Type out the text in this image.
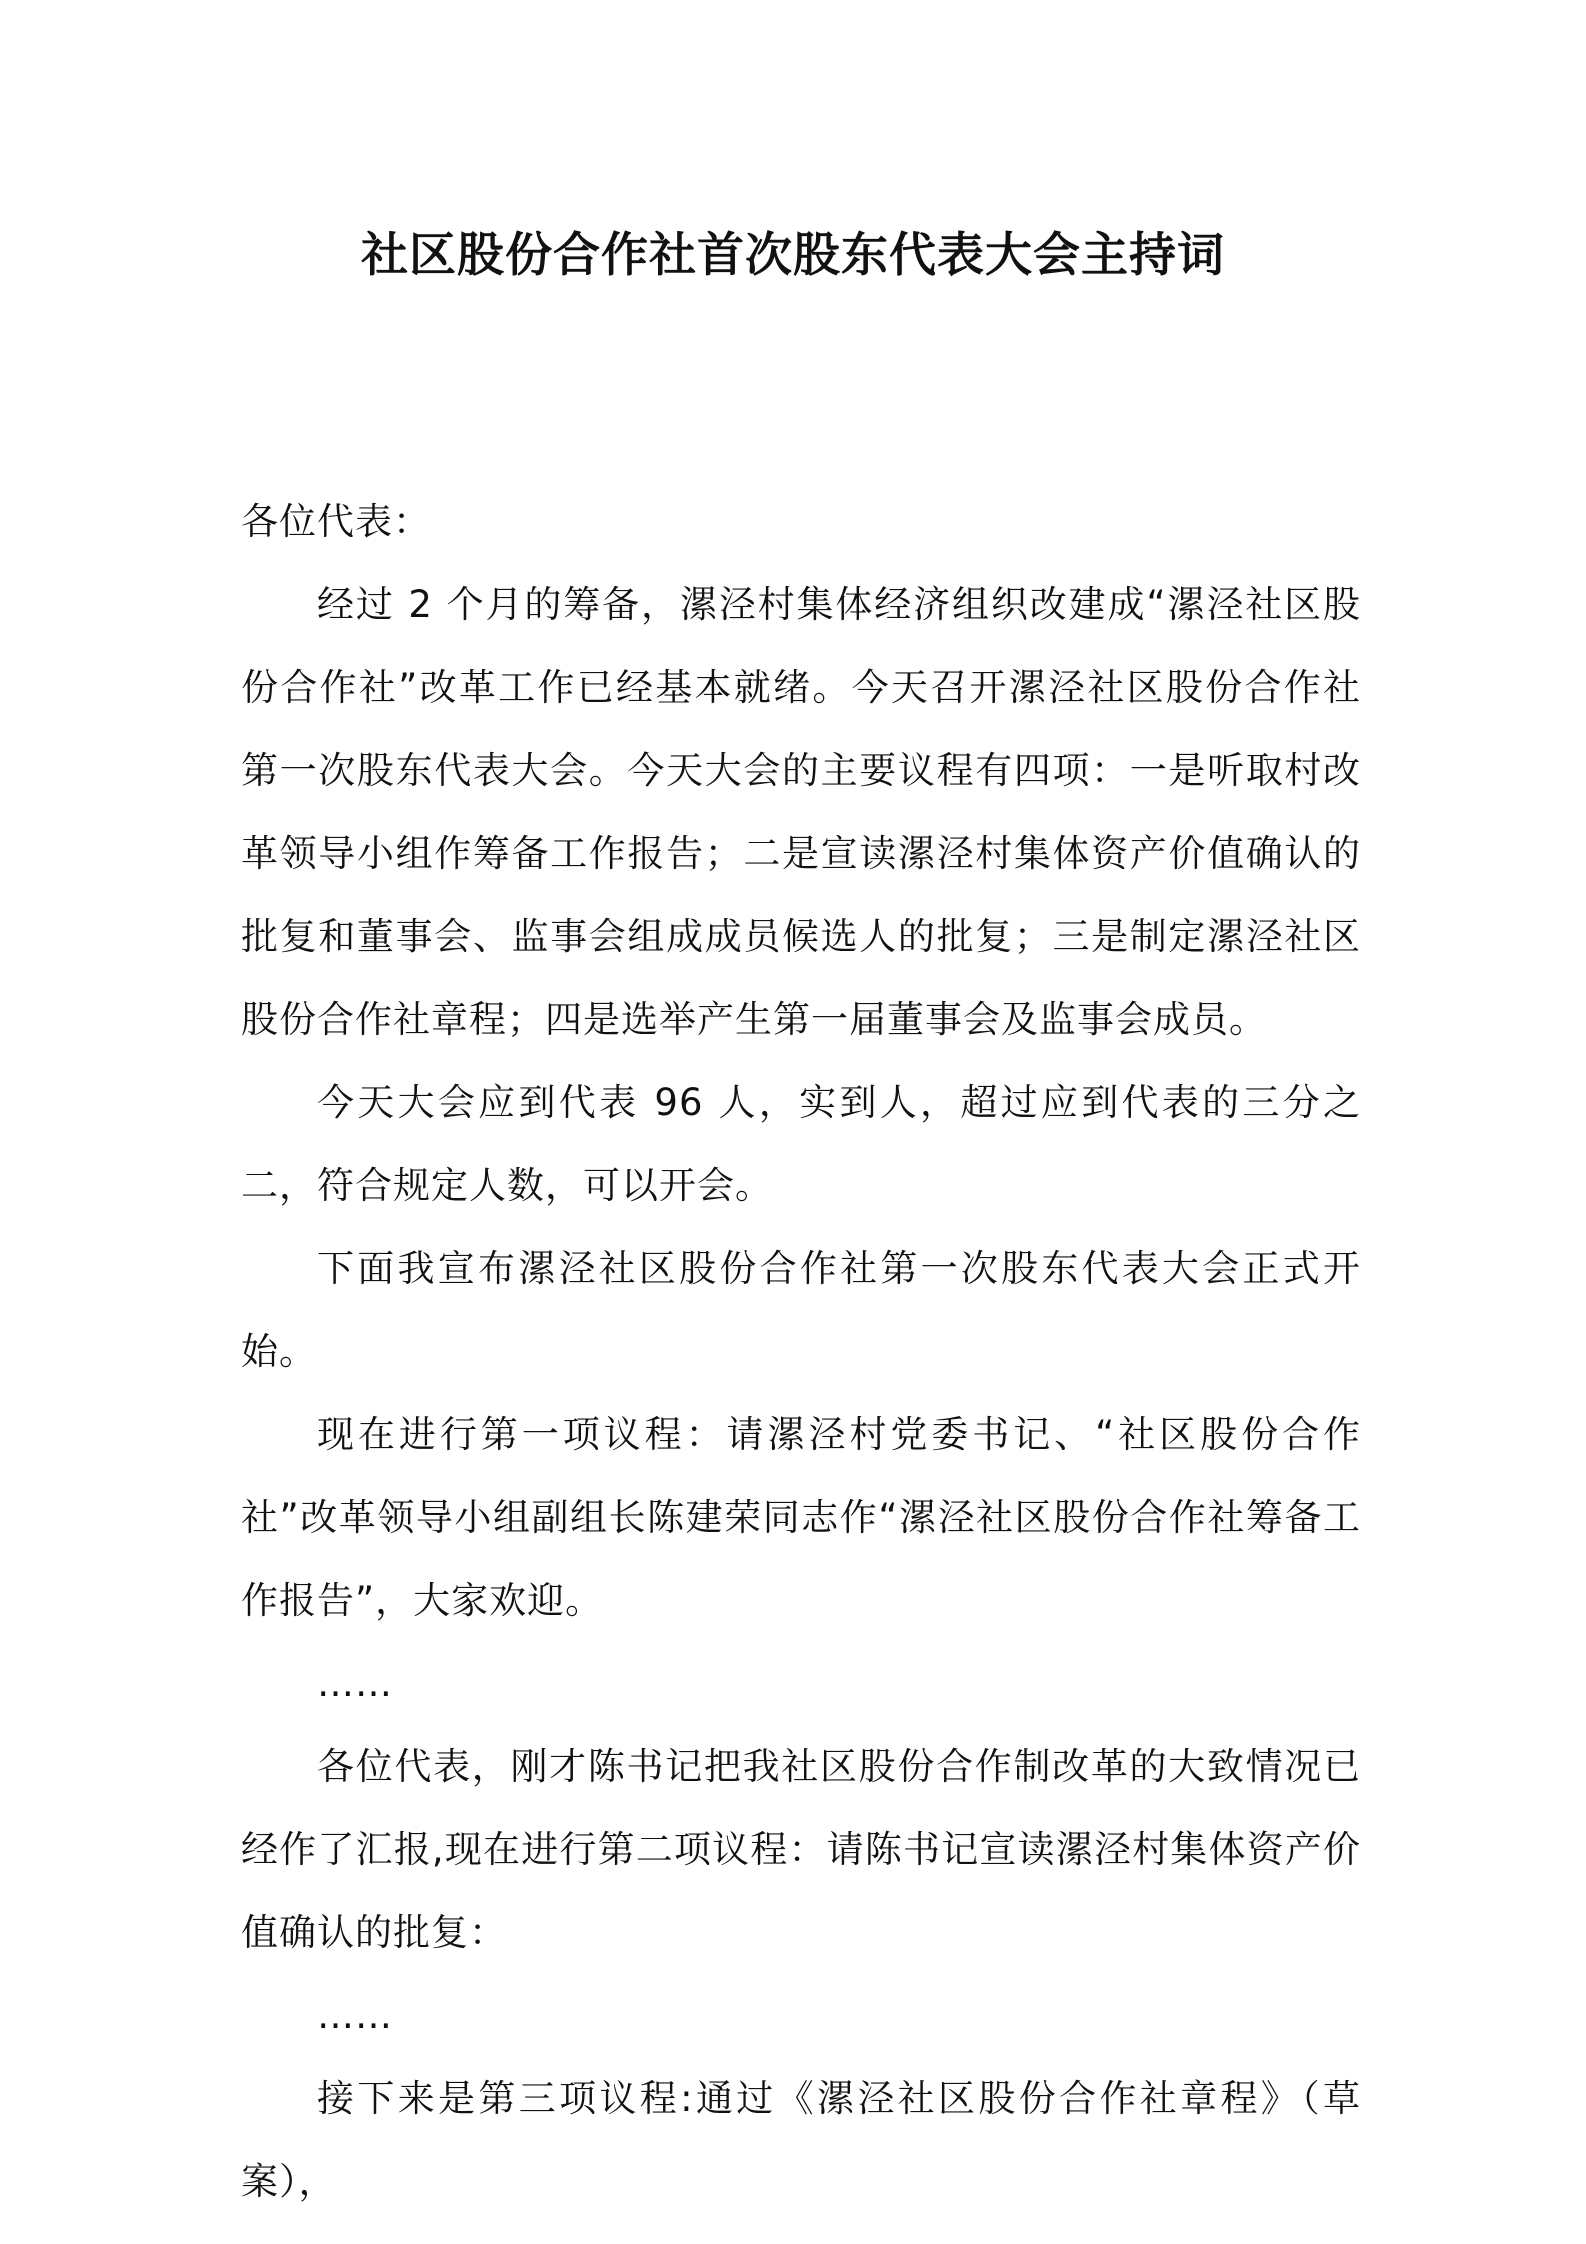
社区股份合作社首次股东代表大会主持词

各位代表：

经过 2 个月的筹备，漯泾村集体经济组织改建成“漯泾社区股份合作社”改革工作已经基本就绪。今天召开漯泾社区股份合作社第一次股东代表大会。今天大会的主要议程有四项：一是听取村改革领导小组作筹备工作报告；二是宣读漯泾村集体资产价值确认的批复和董事会、监事会组成成员候选人的批复；三是制定漯泾社区股份合作社章程；四是选举产生第一届董事会及监事会成员。

今天大会应到代表 96 人，实到人，超过应到代表的三分之二，符合规定人数，可以开会。

下面我宣布漯泾社区股份合作社第一次股东代表大会正式开始。

现在进行第一项议程：请漯泾村党委书记、“社区股份合作社”改革领导小组副组长陈建荣同志作“漯泾社区股份合作社筹备工作报告”，大家欢迎。

……

各位代表，刚才陈书记把我社区股份合作制改革的大致情况已经作了汇报,现在进行第二项议程：请陈书记宣读漯泾村集体资产价值确认的批复：

……

接下来是第三项议程:通过《漯泾社区股份合作社章程》（草案），
